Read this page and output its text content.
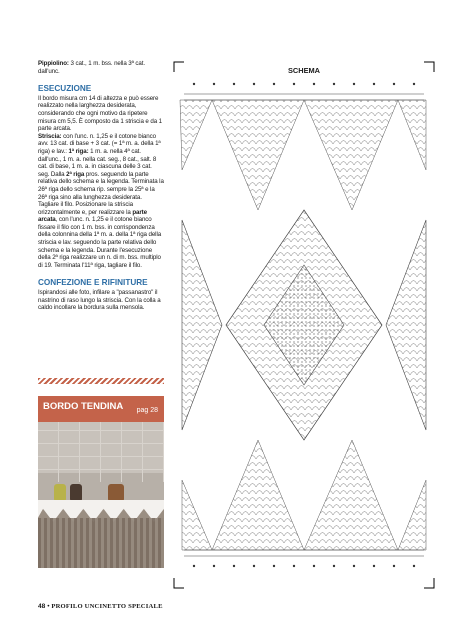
Pippiolino: 3 cat., 1 m. bss. nella 3ª cat. dall'unc.

ESECUZIONE

Il bordo misura cm 14 di altezza e può essere realizzato nella larghezza desiderata, considerando che ogni motivo da ripetere misura cm 5,5. È composto da 1 striscia e da 1 parte arcata.

Striscia: con l'unc. n. 1,25 e il cotone bianco avv. 13 cat. di base + 3 cat. (= 1ª m. a. della 1ª riga) e lav.: 1ª riga: 1 m. a. nella 4ª cat. dall'unc., 1 m. a. nella cat. seg., 8 cat., salt. 8 cat. di base, 1 m. a. in ciascuna delle 3 cat. seg. Dalla 2ª riga pros. seguendo la parte relativa dello schema e la legenda. Terminata la 26ª riga dello schema rip. sempre la 25ª e la 26ª riga sino alla lunghezza desiderata. Tagliare il filo. Posizionare la striscia orizzontalmente e, per realizzare la parte arcata, con l'unc. n. 1,25 e il cotone bianco fissare il filo con 1 m. bss. in corrispondenza della colonnina della 1ª m. a. della 1ª riga della striscia e lav. seguendo la parte relativa dello schema e la legenda. Durante l'esecuzione della 2ª riga realizzare un n. di m. bss. multiplo di 19. Terminata l'11ª riga, tagliare il filo.

CONFEZIONE E RIFINITURE

Ispirandosi alle foto, infilare a "passanastro" il nastrino di raso lungo la striscia. Con la colla a caldo incollare la bordura sulla mensola.

BORDO TENDINA pag 28
SCHEMA
48 • PROFILO UNCINETTO SPECIALE
